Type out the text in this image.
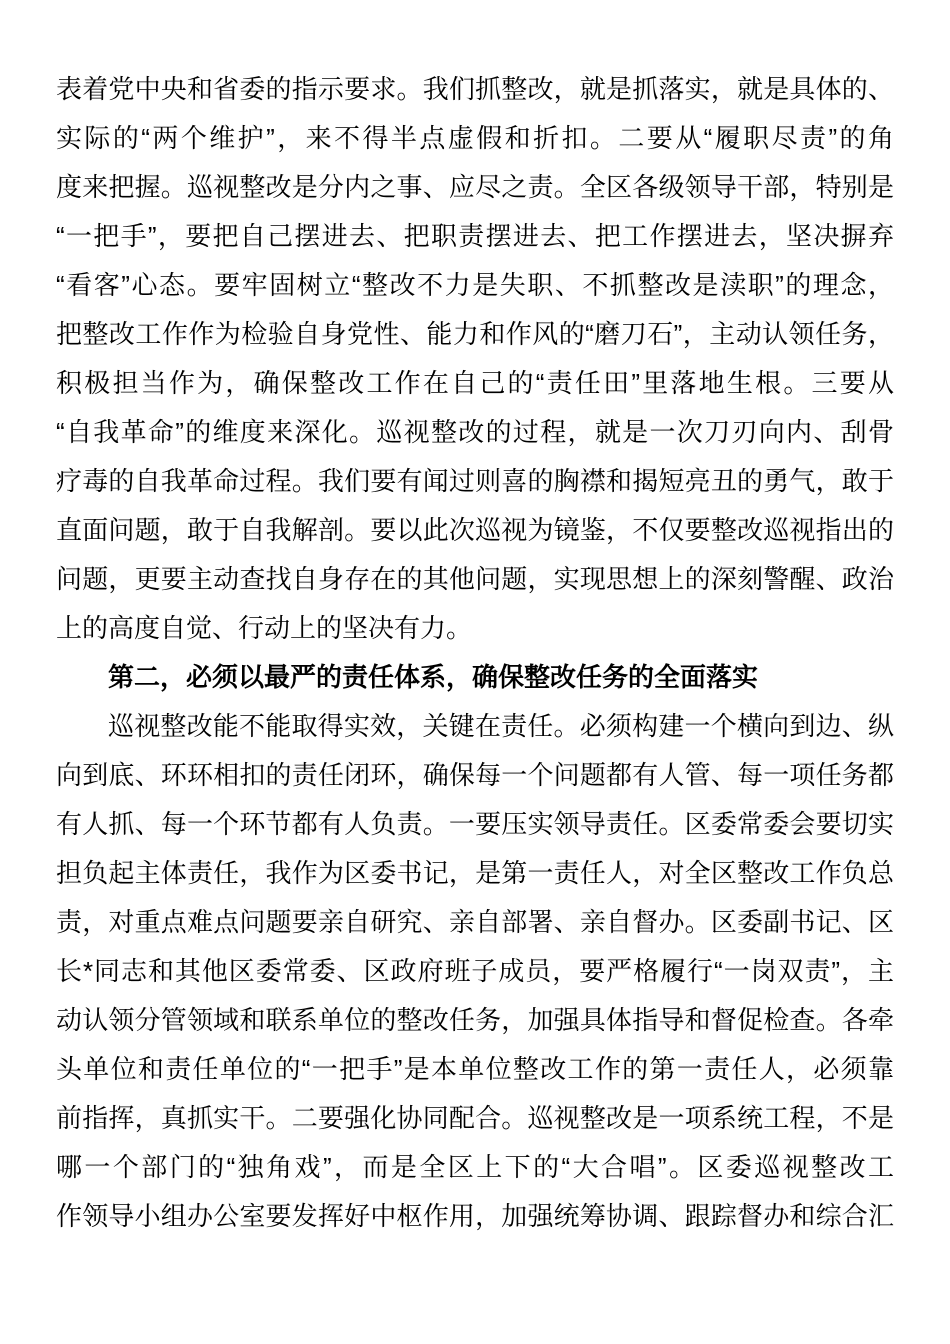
表着党中央和省委的指示要求。我们抓整改，就是抓落实，就是具体的、
实际的“两个维护”，来不得半点虚假和折扣。二要从“履职尽责”的角
度来把握。巡视整改是分内之事、应尽之责。全区各级领导干部，特别是
“一把手”，要把自己摆进去、把职责摆进去、把工作摆进去，坚决摒弃
“看客”心态。要牢固树立“整改不力是失职、不抓整改是渎职”的理念，
把整改工作作为检验自身党性、能力和作风的“磨刀石”，主动认领任务，
积极担当作为，确保整改工作在自己的“责任田”里落地生根。三要从
“自我革命”的维度来深化。巡视整改的过程，就是一次刀刃向内、刮骨
疗毒的自我革命过程。我们要有闻过则喜的胸襟和揭短亮丑的勇气，敢于
直面问题，敢于自我解剖。要以此次巡视为镜鉴，不仅要整改巡视指出的
问题，更要主动查找自身存在的其他问题，实现思想上的深刻警醒、政治
上的高度自觉、行动上的坚决有力。
第二，必须以最严的责任体系，确保整改任务的全面落实
巡视整改能不能取得实效，关键在责任。必须构建一个横向到边、纵
向到底、环环相扣的责任闭环，确保每一个问题都有人管、每一项任务都
有人抓、每一个环节都有人负责。一要压实领导责任。区委常委会要切实
担负起主体责任，我作为区委书记，是第一责任人，对全区整改工作负总
责，对重点难点问题要亲自研究、亲自部署、亲自督办。区委副书记、区
长*同志和其他区委常委、区政府班子成员，要严格履行“一岗双责”，主
动认领分管领域和联系单位的整改任务，加强具体指导和督促检查。各牵
头单位和责任单位的“一把手”是本单位整改工作的第一责任人，必须靠
前指挥，真抓实干。二要强化协同配合。巡视整改是一项系统工程，不是
哪一个部门的“独角戏”，而是全区上下的“大合唱”。区委巡视整改工
作领导小组办公室要发挥好中枢作用，加强统筹协调、跟踪督办和综合汇
